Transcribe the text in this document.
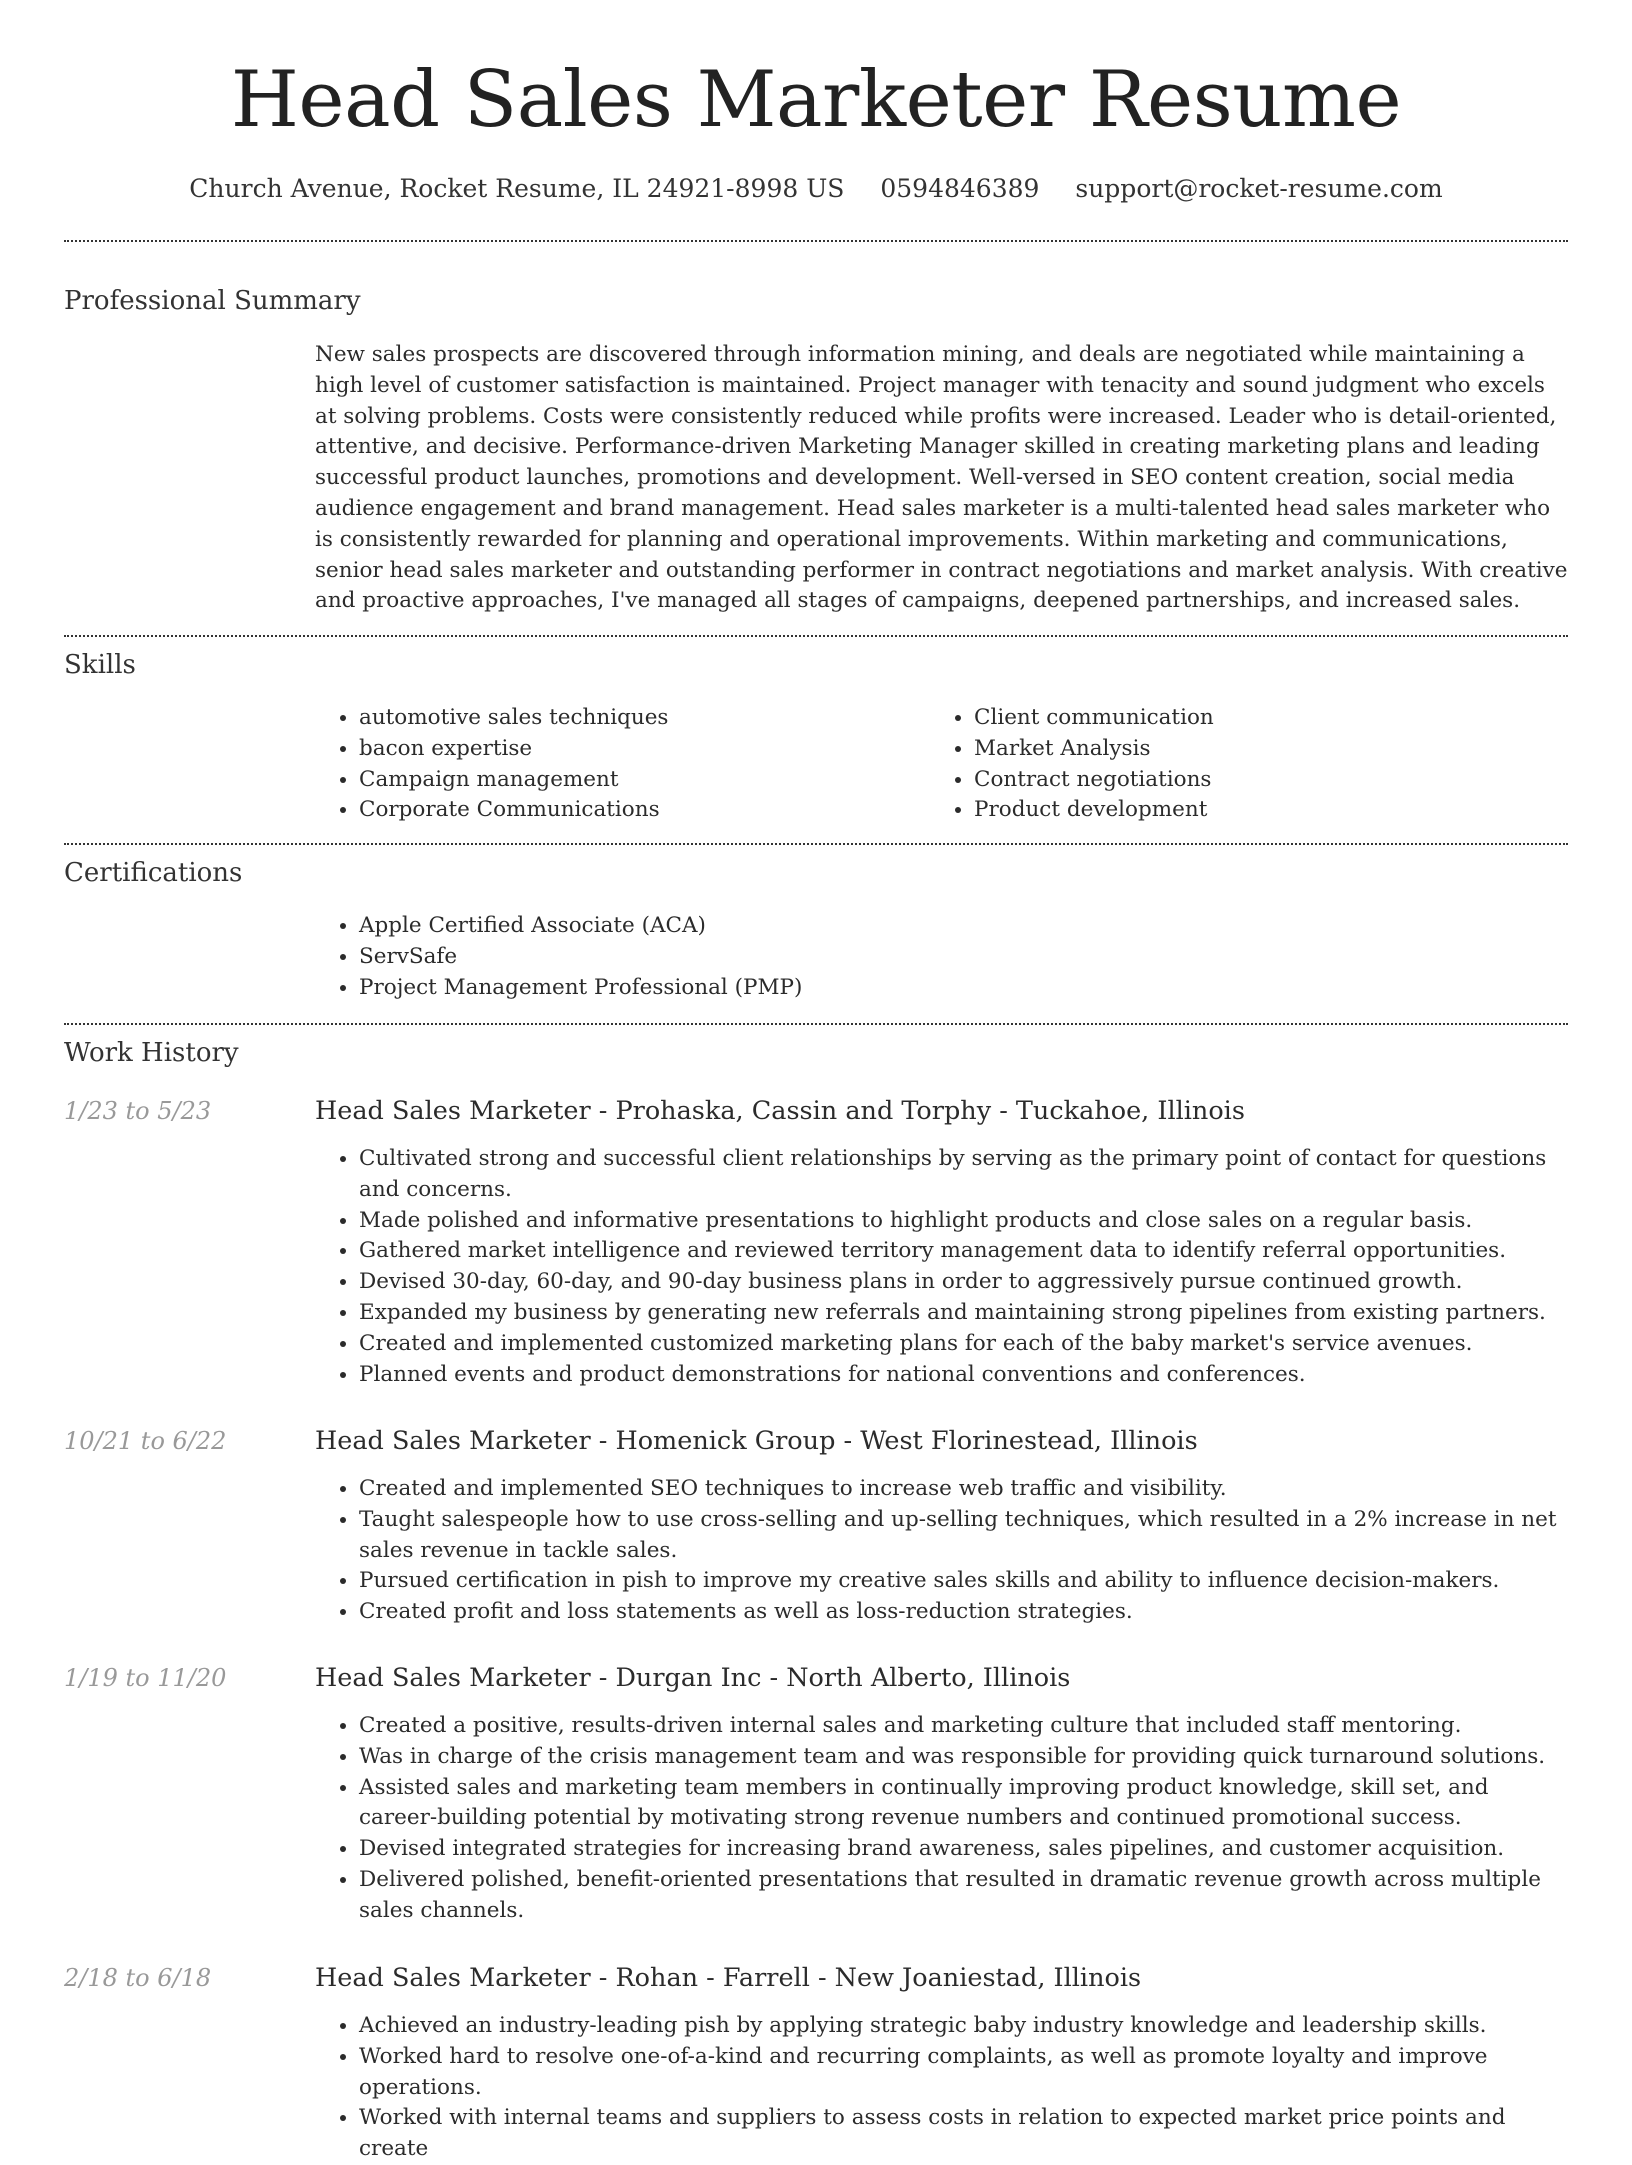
Head Sales Marketer Resume
Church Avenue, Rocket Resume, IL 24921-8998 US 0594846389 support@rocket-resume.com
Professional Summary

New sales prospects are discovered through information mining, and deals are negotiated while maintaining a high level of customer satisfaction is maintained. Project manager with tenacity and sound judgment who excels at solving problems. Costs were consistently reduced while profits were increased. Leader who is detail-oriented, attentive, and decisive. Performance-driven Marketing Manager skilled in creating marketing plans and leading successful product launches, promotions and development. Well-versed in SEO content creation, social media audience engagement and brand management. Head sales marketer is a multi-talented head sales marketer who is consistently rewarded for planning and operational improvements. Within marketing and communications, senior head sales marketer and outstanding performer in contract negotiations and market analysis. With creative and proactive approaches, I've managed all stages of campaigns, deepened partnerships, and increased sales.

Skills
• automotive sales techniques
• bacon expertise
• Campaign management
• Corporate Communications
• Client communication
• Market Analysis
• Contract negotiations
• Product development
Certifications
• Apple Certified Associate (ACA)
• ServSafe
• Project Management Professional (PMP)
Work History
1/23 to 5/23	Head Sales Marketer - Prohaska, Cassin and Torphy - Tuckahoe, Illinois
• Cultivated strong and successful client relationships by serving as the primary point of contact for questions and concerns.
• Made polished and informative presentations to highlight products and close sales on a regular basis.
• Gathered market intelligence and reviewed territory management data to identify referral opportunities.
• Devised 30-day, 60-day, and 90-day business plans in order to aggressively pursue continued growth.
• Expanded my business by generating new referrals and maintaining strong pipelines from existing partners.
• Created and implemented customized marketing plans for each of the baby market's service avenues.
• Planned events and product demonstrations for national conventions and conferences.
10/21 to 6/22	Head Sales Marketer - Homenick Group - West Florinestead, Illinois
• Created and implemented SEO techniques to increase web traffic and visibility.
• Taught salespeople how to use cross-selling and up-selling techniques, which resulted in a 2% increase in net sales revenue in tackle sales.
• Pursued certification in pish to improve my creative sales skills and ability to influence decision-makers.
• Created profit and loss statements as well as loss-reduction strategies.
1/19 to 11/20	Head Sales Marketer - Durgan Inc - North Alberto, Illinois
• Created a positive, results-driven internal sales and marketing culture that included staff mentoring.
• Was in charge of the crisis management team and was responsible for providing quick turnaround solutions.
• Assisted sales and marketing team members in continually improving product knowledge, skill set, and career-building potential by motivating strong revenue numbers and continued promotional success.
• Devised integrated strategies for increasing brand awareness, sales pipelines, and customer acquisition.
• Delivered polished, benefit-oriented presentations that resulted in dramatic revenue growth across multiple sales channels.
2/18 to 6/18	Head Sales Marketer - Rohan - Farrell - New Joaniestad, Illinois
• Achieved an industry-leading pish by applying strategic baby industry knowledge and leadership skills.
• Worked hard to resolve one-of-a-kind and recurring complaints, as well as promote loyalty and improve operations.
• Worked with internal teams and suppliers to assess costs in relation to expected market price points and create
